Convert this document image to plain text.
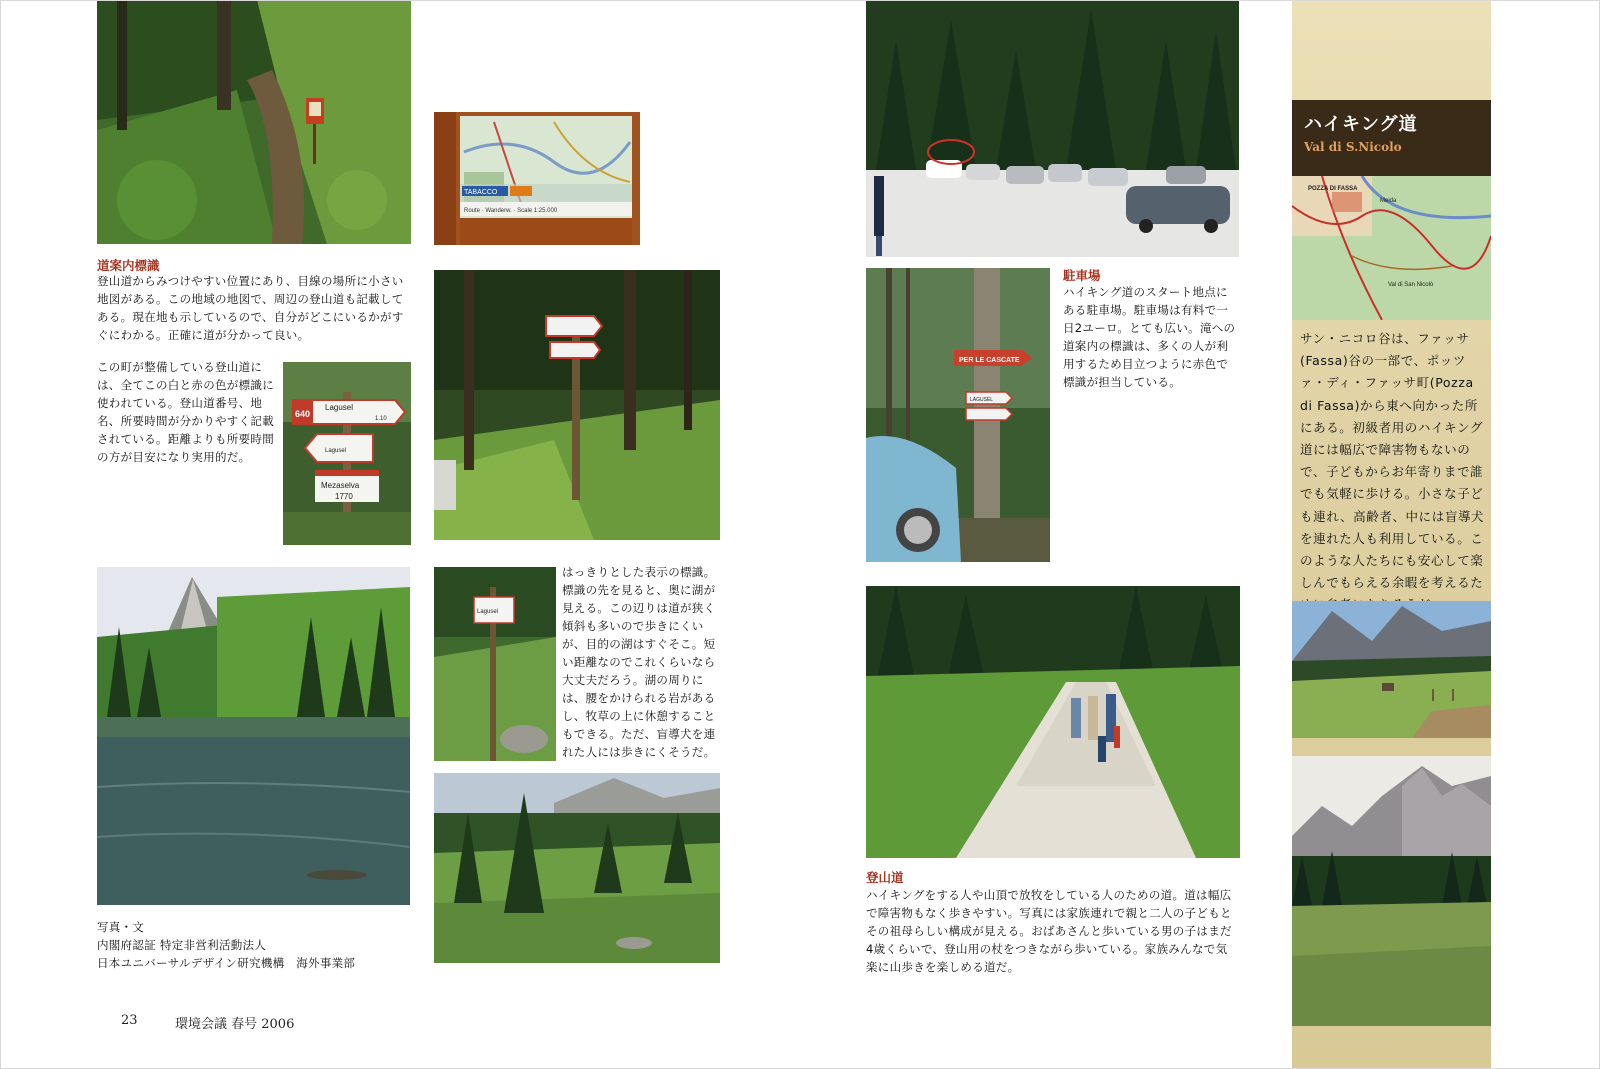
TABACCO
Route · Wanderw. · Scale 1:25.000
道案内標識
登山道からみつけやすい位置にあり、目線の場所に小さい地図がある。この地域の地図で、周辺の登山道も記載してある。現在地も示しているので、自分がどこにいるかがすぐにわかる。正確に道が分かって良い。
この町が整備している登山道には、全てこの白と赤の色が標識に使われている。登山道番号、地名、所要時間が分かりやすく記載されている。距離よりも所要時間の方が目安になり実用的だ。
640
Lagusel
1.10
Lagusel
Mezaselva
1770
Lagusel
はっきりとした表示の標識。標識の先を見ると、奥に湖が見える。この辺りは道が狭く傾斜も多いので歩きにくいが、目的の湖はすぐそこ。短い距離なのでこれくらいなら大丈夫だろう。湖の周りには、腰をかけられる岩があるし、牧草の上に休憩することもできる。ただ、盲導犬を連れた人には歩きにくそうだ。
写真・文
内閣府認証 特定非営利活動法人
日本ユニバーサルデザイン研究機構　海外事業部
23	環境会議 春号 2006
PER LE CASCATE
LAGUSEL
駐車場
ハイキング道のスタート地点にある駐車場。駐車場は有料で一日2ユーロ。とても広い。滝への道案内の標識は、多くの人が利用するため目立つように赤色で標識が担当している。
登山道
ハイキングをする人や山頂で放牧をしている人のための道。道は幅広で障害物もなく歩きやすい。写真には家族連れで親と二人の子どもとその祖母らしい構成が見える。おばあさんと歩いている男の子はまだ4歳くらいで、登山用の杖をつきながら歩いている。家族みんなで気楽に山歩きを楽しめる道だ。
ハイキング道
Val di S.Nicolo
POZZA DI FASSA
Meida
Val di San Nicolò
サン・ニコロ谷は、ファッサ(Fassa)谷の一部で、ポッツァ・ディ・ファッサ町(Pozza di Fassa)から東へ向かった所にある。初級者用のハイキング道には幅広で障害物もないので、子どもからお年寄りまで誰でも気軽に歩ける。小さな子ども連れ、高齢者、中には盲導犬を連れた人も利用している。このような人たちにも安心して楽しんでもらえる余暇を考えるた
